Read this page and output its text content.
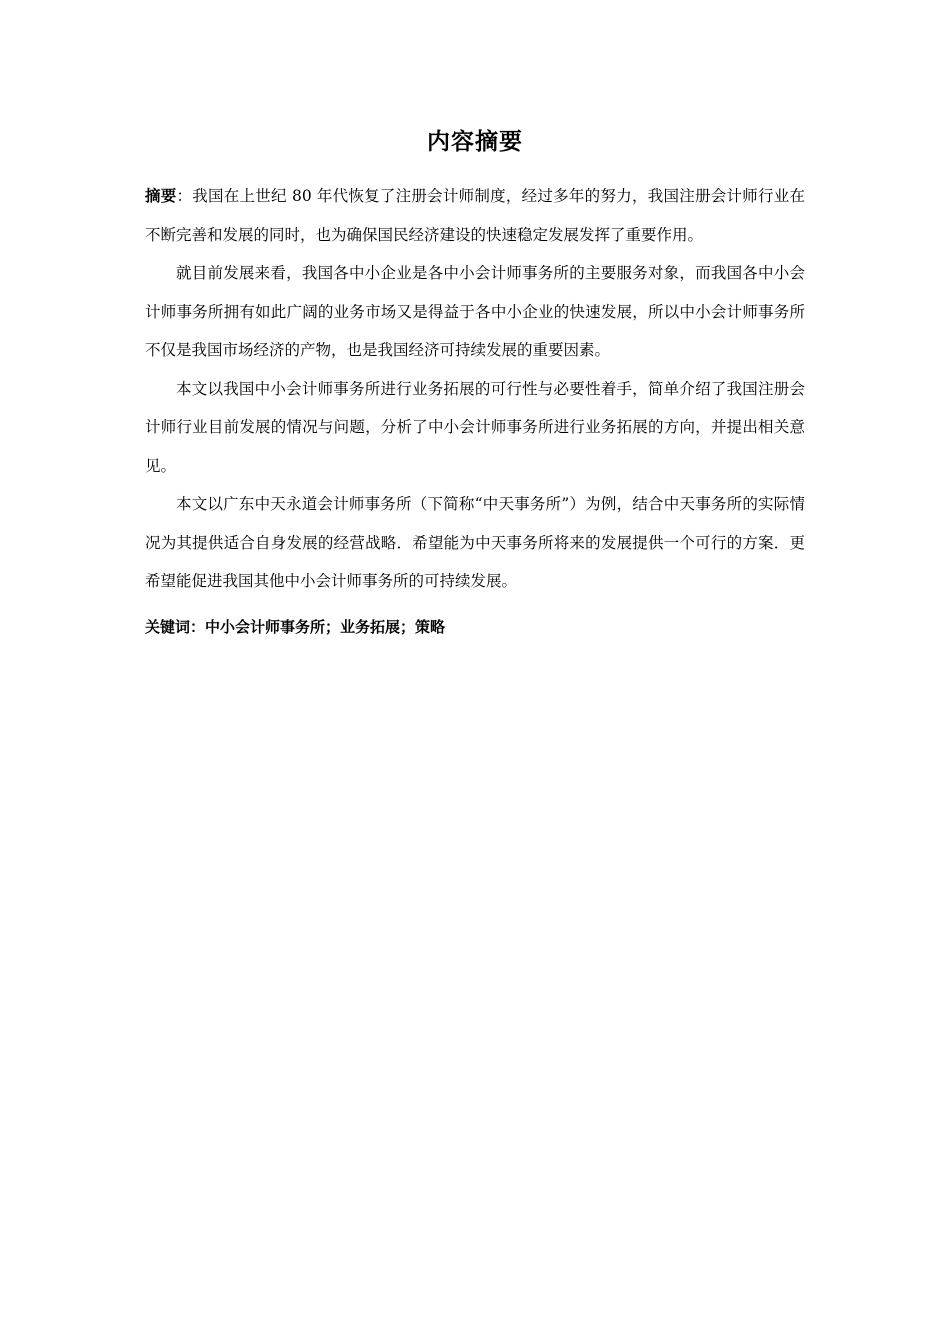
内容摘要

摘要：我国在上世纪 80 年代恢复了注册会计师制度，经过多年的努力，我国注册会计师行业在不断完善和发展的同时，也为确保国民经济建设的快速稳定发展发挥了重要作用。

就目前发展来看，我国各中小企业是各中小会计师事务所的主要服务对象，而我国各中小会计师事务所拥有如此广阔的业务市场又是得益于各中小企业的快速发展，所以中小会计师事务所不仅是我国市场经济的产物，也是我国经济可持续发展的重要因素。

本文以我国中小会计师事务所进行业务拓展的可行性与必要性着手，简单介绍了我国注册会计师行业目前发展的情况与问题，分析了中小会计师事务所进行业务拓展的方向，并提出相关意见。

本文以广东中天永道会计师事务所（下简称“中天事务所”）为例，结合中天事务所的实际情况为其提供适合自身发展的经营战略．希望能为中天事务所将来的发展提供一个可行的方案．更希望能促进我国其他中小会计师事务所的可持续发展。

关键词：中小会计师事务所；业务拓展；策略
